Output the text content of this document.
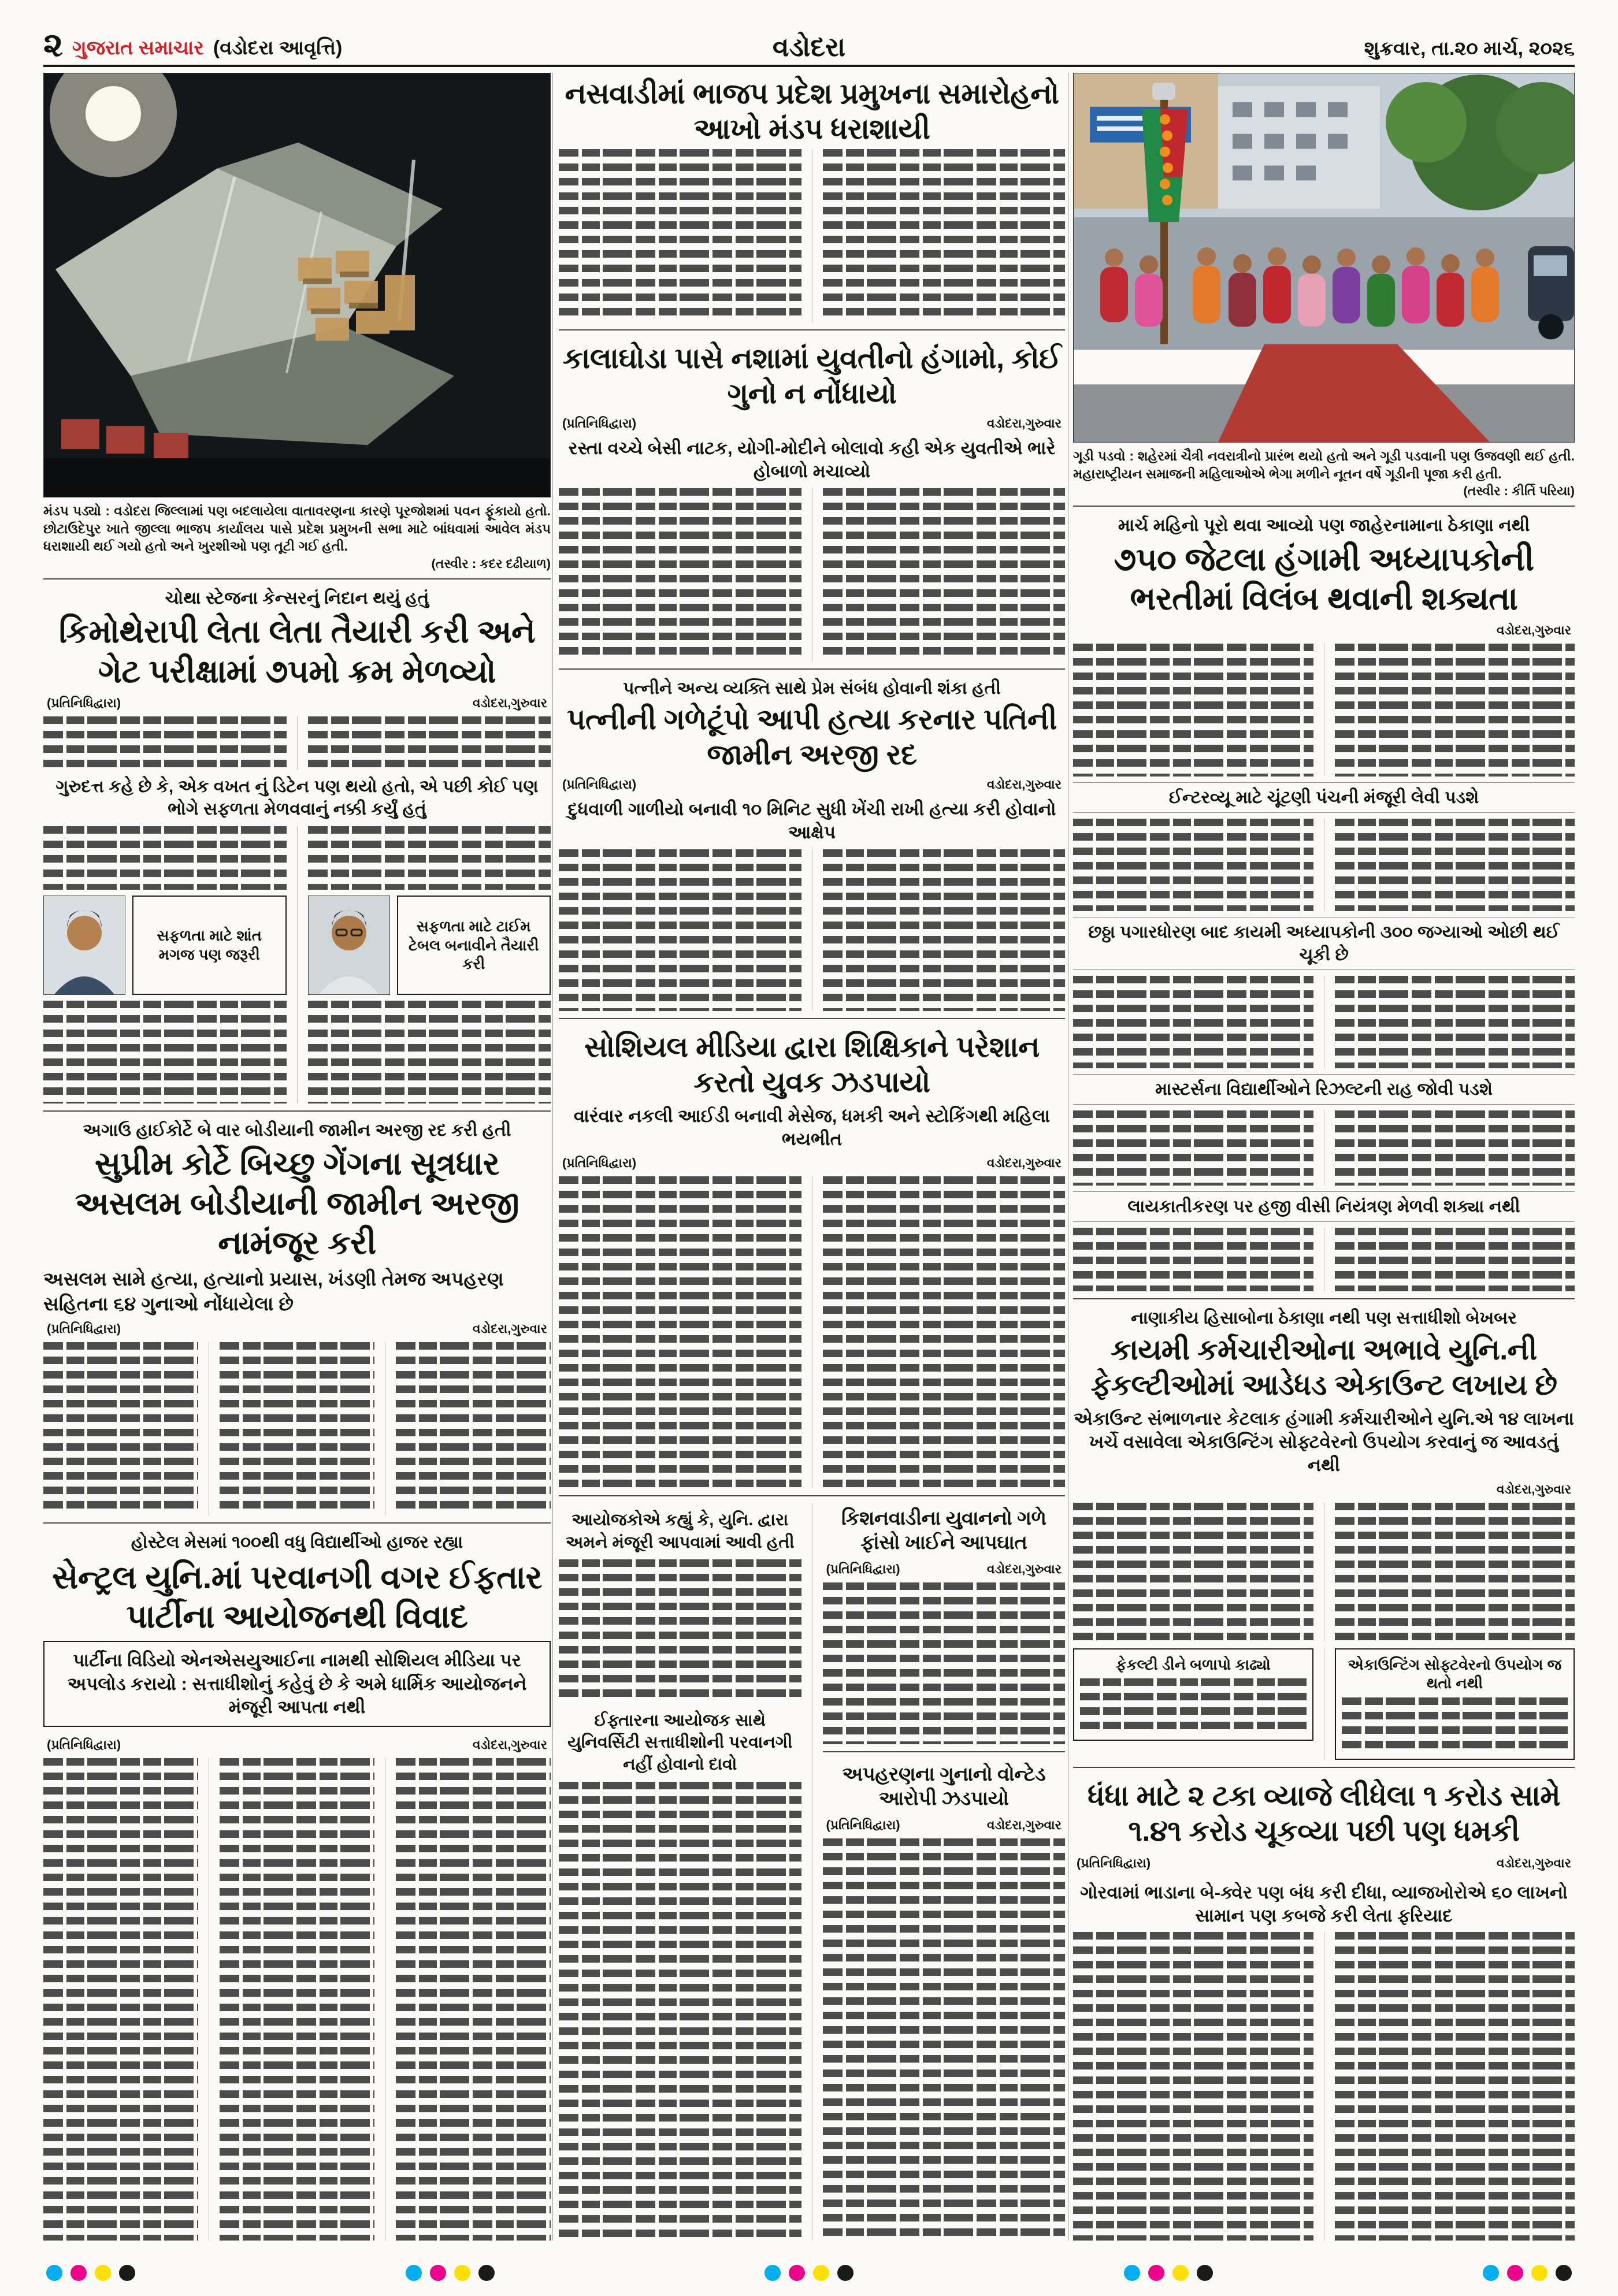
૨ ગુજરાત સમાચાર (વડોદરા આવૃત્તિ)	વડોદરા	શુક્રવાર, તા.૨૦ માર્ચ, ૨૦૨૬
મંડપ પડ્યો : વડોદરા જિલ્લામાં પણ બદલાયેલા વાતાવરણના કારણે પૂરજોશમાં પવન ફૂંકાયો હતો. છોટાઉદેપુર ખાતે જીલ્લા ભાજપ કાર્યાલય પાસે પ્રદેશ પ્રમુખની સભા માટે બાંધવામાં આવેલ મંડપ ધરાશાયી થઈ ગયો હતો અને ખુરશીઓ પણ તૂટી ગઈ હતી.
(તસ્વીર : કદર દઢીયાળ)
ચોથા સ્ટેજના કેન્સરનું નિદાન થયું હતું
કિમોથેરાપી લેતા લેતા તૈયારી કરી અને ગેટ પરીક્ષામાં ૭૫મો ક્રમ મેળવ્યો
(પ્રતિનિધિદ્વારા)	વડોદરા,ગુરુવાર
ગુરુદત્ત કહે છે કે, એક વખત નું ડિટેન પણ થયો હતો, એ પછી કોઈ પણ ભોગે સફળતા મેળવવાનું નક્કી કર્યું હતું
સફળતા માટે શાંત મગજ પણ જરૂરી
સફળતા માટે ટાઈમ ટેબલ બનાવીને તૈયારી કરી
અગાઉ હાઈકોર્ટે બે વાર બોડીયાની જામીન અરજી રદ કરી હતી
સુપ્રીમ કોર્ટે બિચ્છુ ગેંગના સૂત્રધાર અસલમ બોડીયાની જામીન અરજી નામંજૂર કરી
અસલમ સામે હત્યા, હત્યાનો પ્રયાસ, ખંડણી તેમજ અપહરણ સહિતના ૬૪ ગુનાઓ નોંધાયેલા છે
(પ્રતિનિધિદ્વારા)	વડોદરા,ગુરુવાર
હોસ્ટેલ મેસમાં ૧૦૦થી વધુ વિદ્યાર્થીઓ હાજર રહ્યા
સેન્ટ્રલ યુનિ.માં પરવાનગી વગર ઈફતાર પાર્ટીના આયોજનથી વિવાદ
પાર્ટીના વિડિયો એનએસયુઆઈના નામથી સોશિયલ મીડિયા પર અપલોડ કરાયો : સત્તાધીશોનું કહેવું છે કે અમે ધાર્મિક આયોજનને મંજૂરી આપતા નથી
(પ્રતિનિધિદ્વારા)	વડોદરા,ગુરુવાર
નસવાડીમાં ભાજપ પ્રદેશ પ્રમુખના સમારોહનો આખો મંડપ ધરાશાયી
કાલાઘોડા પાસે નશામાં યુવતીનો હંગામો, કોઈ ગુનો ન નોંધાયો
(પ્રતિનિધિદ્વારા)	વડોદરા,ગુરુવાર
રસ્તા વચ્ચે બેસી નાટક, યોગી-મોદીને બોલાવો કહી એક યુવતીએ ભારે હોબાળો મચાવ્યો
પત્નીને અન્ય વ્યક્તિ સાથે પ્રેમ સંબંધ હોવાની શંકા હતી
પત્નીની ગળેટૂંપો આપી હત્યા કરનાર પતિની જામીન અરજી રદ
(પ્રતિનિધિદ્વારા)	વડોદરા,ગુરુવાર
દુધવાળી ગાળીયો બનાવી ૧૦ મિનિટ સુધી ખેંચી રાખી હત્યા કરી હોવાનો આક્ષેપ
સોશિયલ મીડિયા દ્વારા શિક્ષિકાને પરેશાન કરતો યુવક ઝડપાયો
વારંવાર નકલી આઈડી બનાવી મેસેજ, ધમકી અને સ્ટોકિંગથી મહિલા ભયભીત
(પ્રતિનિધિદ્વારા)	વડોદરા,ગુરુવાર
આયોજકોએ કહ્યું કે, યુનિ. દ્વારા અમને મંજૂરી આપવામાં આવી હતી
ઈફ્તારના આયોજક સાથે યુનિવર્સિટી સત્તાધીશોની પરવાનગી નહીં હોવાનો દાવો
કિશનવાડીના યુવાનનો ગળે ફાંસો ખાઈને આપઘાત
(પ્રતિનિધિદ્વારા)	વડોદરા,ગુરુવાર
અપહરણના ગુનાનો વોન્ટેડ આરોપી ઝડપાયો
(પ્રતિનિધિદ્વારા)	વડોદરા,ગુરુવાર
ગૂડી પડવો : શહેરમાં ચૈત્રી નવરાત્રીનો પ્રારંભ થયો હતો અને ગૂડી પડવાની પણ ઉજવણી થઈ હતી. મહારાષ્ટ્રીયન સમાજની મહિલાઓએ ભેગા મળીને નૂતન વર્ષે ગૂડીની પૂજા કરી હતી.
(તસ્વીર : કીર્તિ પરિયા)
માર્ચ મહિનો પૂરો થવા આવ્યો પણ જાહેરનામાના ઠેકાણા નથી
૭૫૦ જેટલા હંગામી અધ્યાપકોની ભરતીમાં વિલંબ થવાની શક્યતા
વડોદરા,ગુરુવાર
ઈન્ટરવ્યૂ માટે ચૂંટણી પંચની મંજૂરી લેવી પડશે
છઠ્ઠા પગારધોરણ બાદ કાયમી અધ્યાપકોની ૩૦૦ જગ્યાઓ ઓછી થઈ ચૂકી છે
માસ્ટર્સના વિદ્યાર્થીઓને રિઝલ્ટની રાહ જોવી પડશે
લાયકાતીકરણ પર હજી વીસી નિયંત્રણ મેળવી શક્યા નથી
નાણાકીય હિસાબોના ઠેકાણા નથી પણ સત્તાધીશો બેખબર
કાયમી કર્મચારીઓના અભાવે યુનિ.ની ફેકલ્ટીઓમાં આડેધડ એકાઉન્ટ લખાય છે
એકાઉન્ટ સંભાળનાર કેટલાક હંગામી કર્મચારીઓને યુનિ.એ ૧૪ લાખના ખર્ચે વસાવેલા એકાઉન્ટિંગ સોફ્ટવેરનો ઉપયોગ કરવાનું જ આવડતું નથી
વડોદરા,ગુરુવાર
ફેકલ્ટી ડીને બળાપો કાઢ્યો	એકાઉન્ટિંગ સોફ્ટવેરનો ઉપયોગ જ થતો નથી
ધંધા માટે ૨ ટકા વ્યાજે લીધેલા ૧ કરોડ સામે ૧.૪૧ કરોડ ચૂકવ્યા પછી પણ ધમકી
(પ્રતિનિધિદ્વારા)	વડોદરા,ગુરુવાર
ગોરવામાં ભાડાના બે-ક્વેર પણ બંધ કરી દીધા, વ્યાજખોરોએ ૬૦ લાખનો સામાન પણ કબજે કરી લેતા ફરિયાદ
